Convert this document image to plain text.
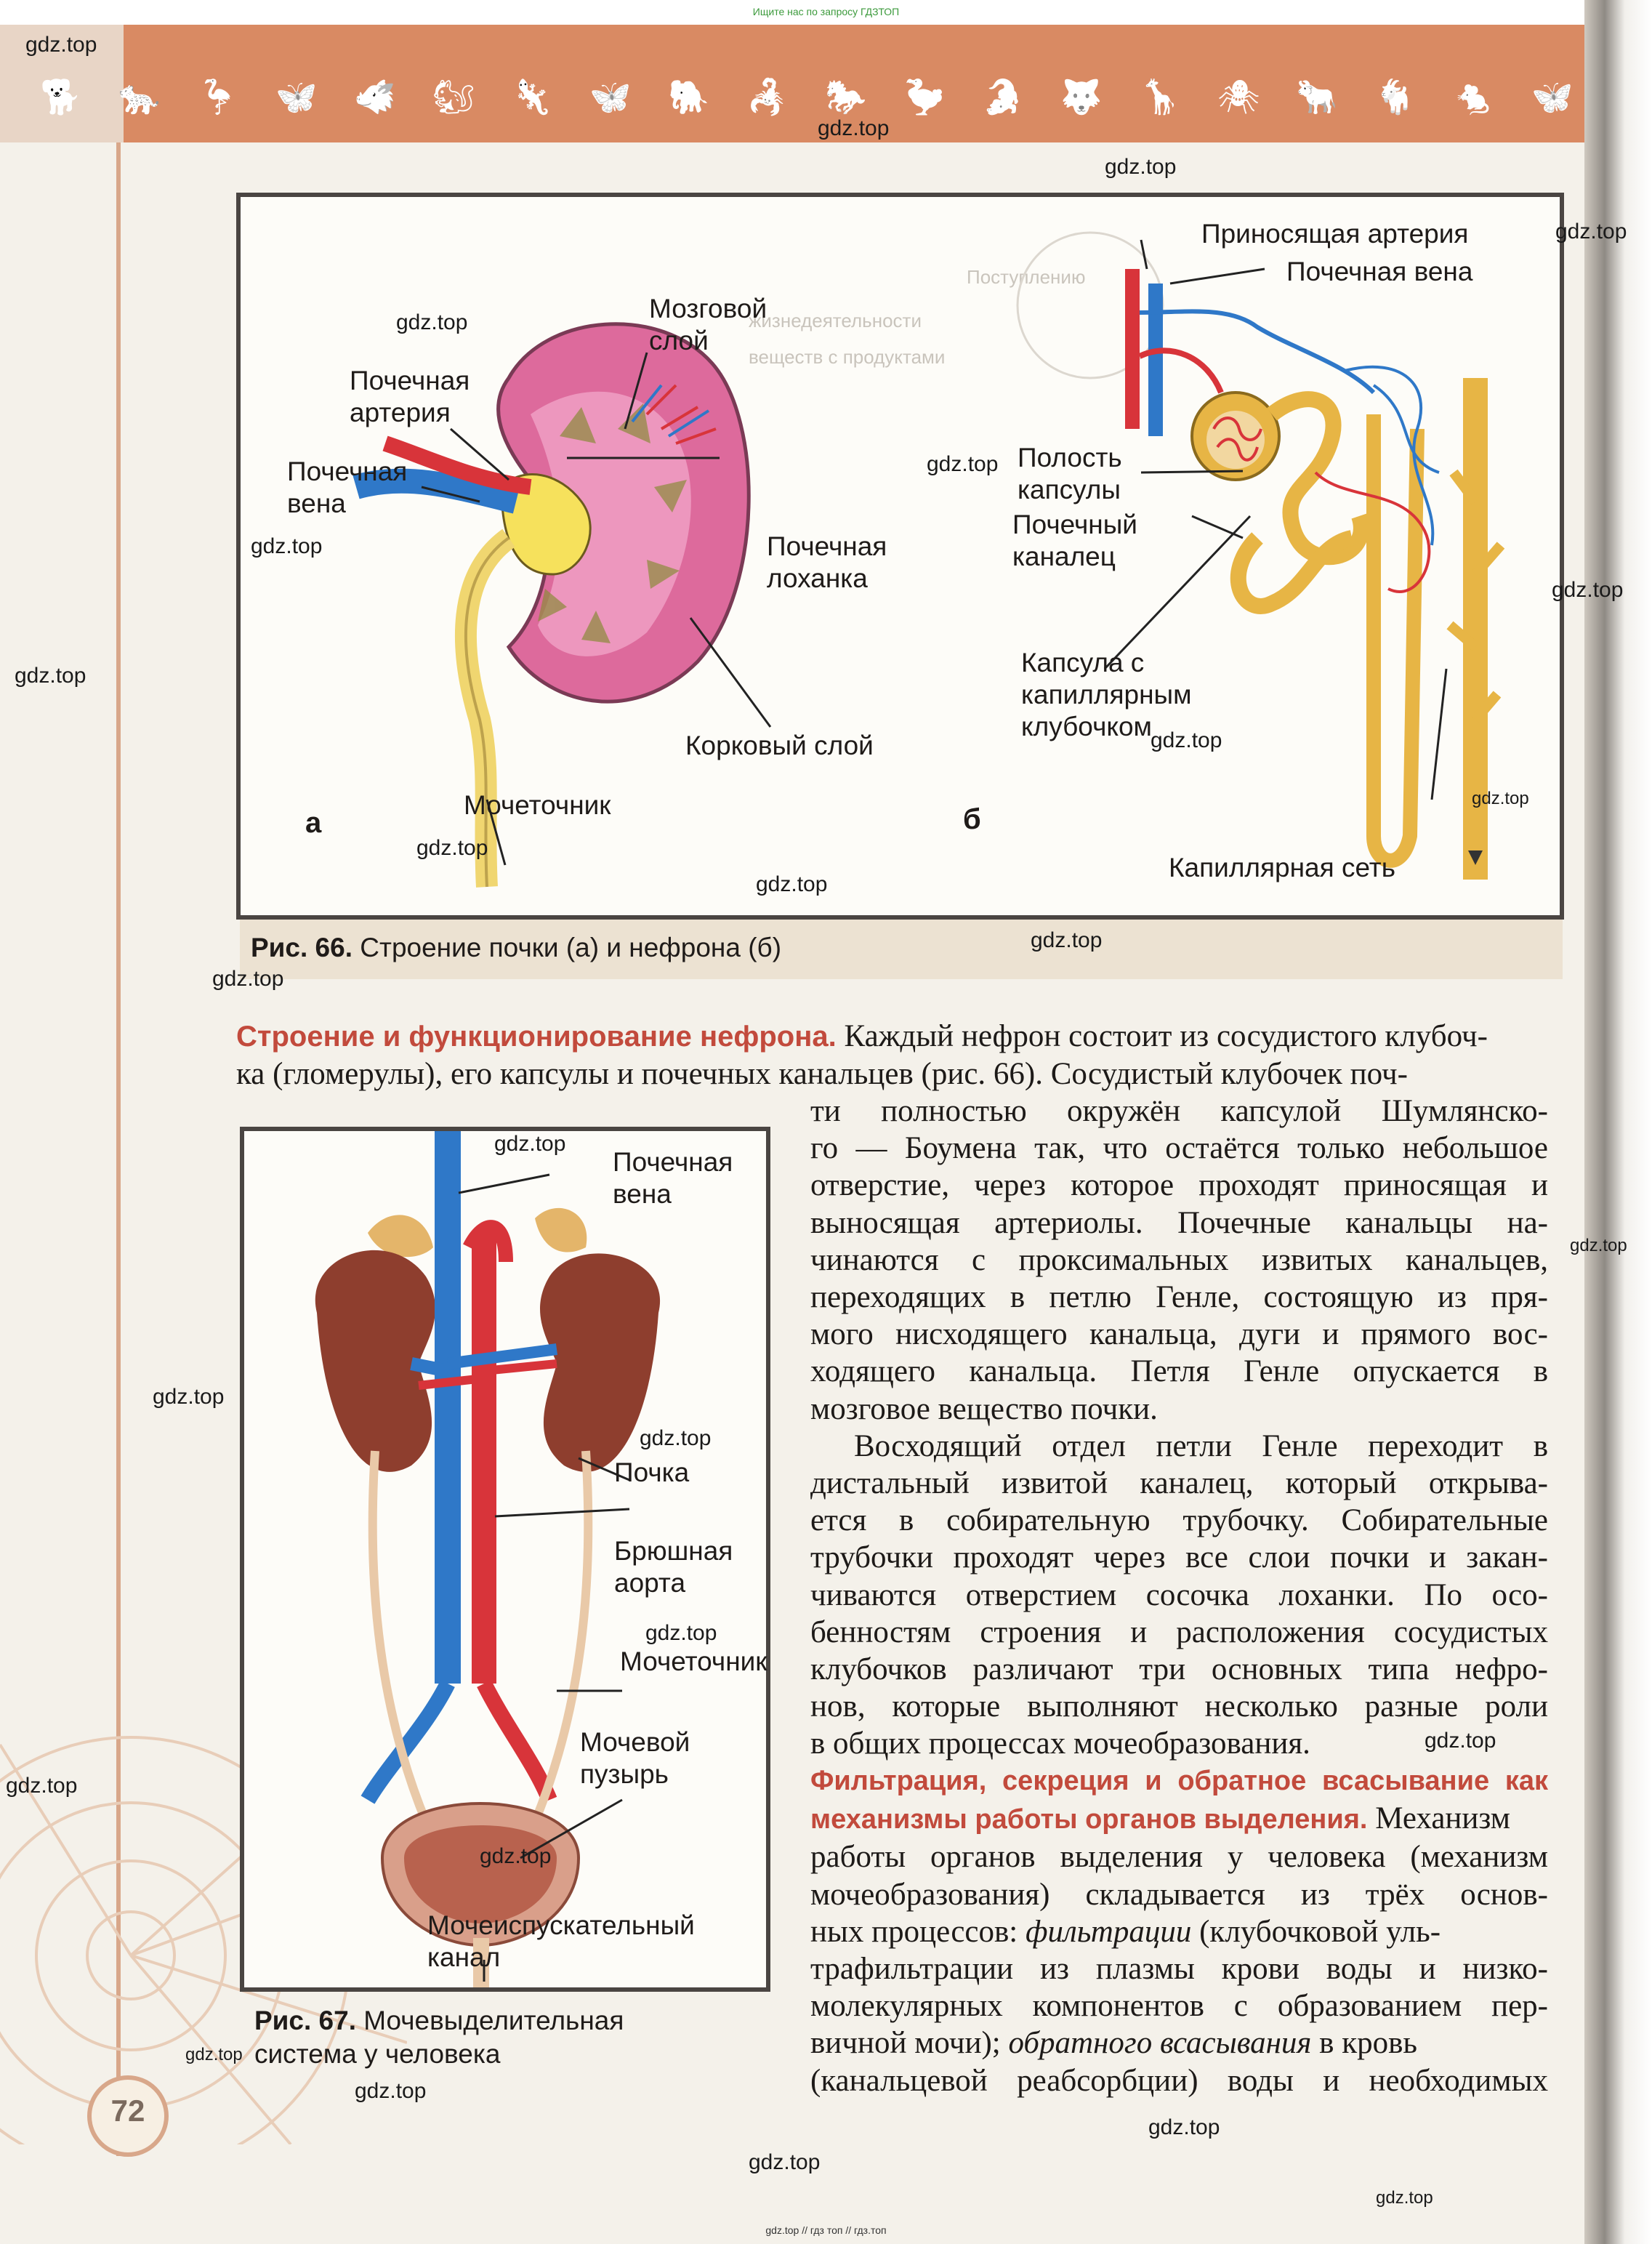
Ищите нас по запросу ГДЗТОП
🐕 🐆 🦩 🦋 🐗 🐿 🦎 🦋 🐘 🦂 🐎 🦤 🐊 🐺 🦒 🕷 🐂 🐐 🐁 🦋
Поступлению
жизнедеятельности
веществ с продуктами
Мозговой
слой
Почечная
артерия
Почечная
вена
Почечная
лоханка
Корковый слой
Мочеточник
а	б
Приносящая артерия
Почечная вена
Полость
капсулы
Почечный
каналец
Капсула с
капиллярным
клубочком
Капиллярная сеть
Рис. 66. Строение почки (а) и нефрона (б)
Почечная
вена
Почка
Брюшная
аорта
Мочеточник
Мочевой
пузырь
Мочеиспускательный
канал
Рис. 67. Мочевыделительная
система у человека
Строение и функционирование нефрона. Каждый нефрон состоит из сосудистого клубоч-
ка (гломерулы), его капсулы и почечных канальцев (рис. 66). Сосудистый клубочек поч-
ти полностью окружён капсулой Шумлянско-
го — Боумена так, что остаётся только небольшое
отверстие, через которое проходят приносящая и
выносящая артериолы. Почечные канальцы на-
чинаются с проксимальных извитых канальцев,
переходящих в петлю Генле, состоящую из пря-
мого нисходящего канальца, дуги и прямого вос-
ходящего канальца. Петля Генле опускается в
мозговое вещество почки.
Восходящий отдел петли Генле переходит в
дистальный извитой каналец, который открыва-
ется в собирательную трубочку. Собирательные
трубочки проходят через все слои почки и закан-
чиваются отверстием сосочка лоханки. По осо-
бенностям строения и расположения сосудистых
клубочков различают три основных типа нефро-
нов, которые выполняют несколько разные роли
в общих процессах мочеобразования.
Фильтрация, секреция и обратное всасывание как
механизмы работы органов выделения. Механизм
работы органов выделения у человека (механизм
мочеобразования) складывается из трёх основ-
ных процессов: фильтрации (клубочковой уль-
трафильтрации из плазмы крови воды и низко-
молекулярных компонентов с образованием пер-
вичной мочи); обратного всасывания в кровь
(канальцевой реабсорбции) воды и необходимых
72
gdz.top
gdz.top
gdz.top
gdz.top
gdz.top
gdz.top
gdz.top
gdz.top
gdz.top
gdz.top
gdz.top
gdz.top
gdz.top
gdz.top
gdz.top
gdz.top
gdz.top
gdz.top
gdz.top
gdz.top
gdz.top
gdz.top
gdz.top
gdz.top
gdz.top
gdz.top
gdz.top
gdz.top
gdz.top // гдз топ // гдз.топ
